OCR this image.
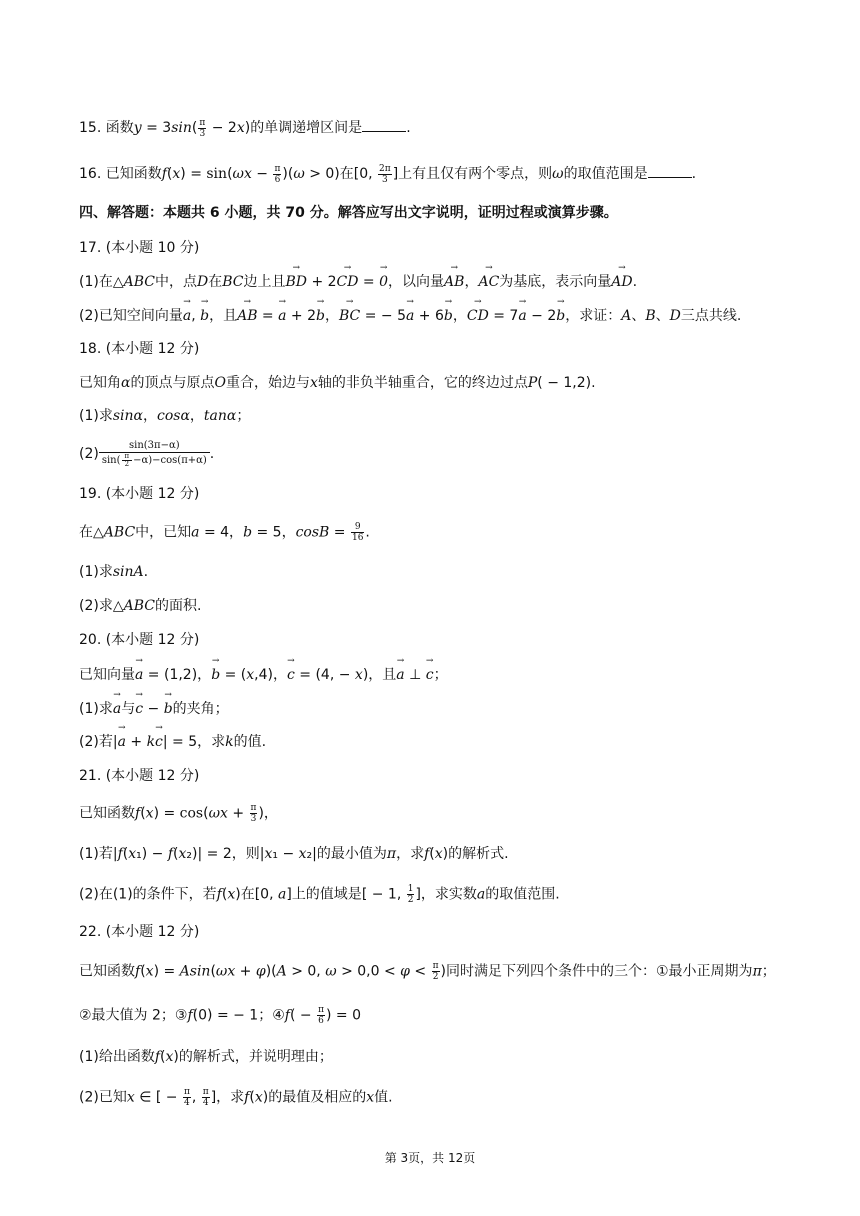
15. 函数$y = 3\sin( \frac{\pi}{3} - 2x)$的单调递增区间是	.
16. 已知函数$f(x) = \sin(\omega x - \frac{\pi}{6} )(\omega > 0)$在[0, $\frac{2\pi}{3}$ ]上有且仅有两个零点，则ω的取值范围是	.
四、解答题：本题共 6 小题，共 70 分。解答应写出文字说明，证明过程或演算步骤。
17. (本小题 10 分)
(1)在△ABC中，点D在BC边上且→ BD + 2→ CD = → 0，以向量→ AB，→ AC为基底，表示向量→ AD.
(2)已知空间向量→ a, → b，且→ AB = → a + 2→ b，→ BC = − 5→ a + 6→ b，→ CD = 7→ a − 2→ b，求证：A、B、D三点共线.
18. (本小题 12 分)
已知角α的顶点与原点O重合，始边与x轴的非负半轴重合，它的终边过点P( − 1,2).
(1)求sinα，cosα，tanα；
$(2) \frac{\sin(3\pi-\alpha)}{\sin( \frac{\pi}{2} -\alpha)-\cos(\pi+\alpha)}$ .
19. (本小题 12 分)
在△ABC中，已知a = 4，b = 5，$\cos B = \frac{9}{16}$ .
(1)求sinA.
(2)求△ABC的面积.
20. (本小题 12 分)
已知向量→ a = (1,2)，→ b = (x,4)，→ c = (4, − x)，且→ a ⊥ → c；
(1)求→ a与→ c − → b的夹角；
(2)若|→ a + k→ c| = 5，求k的值.
21. (本小题 12 分)
已知函数$f(x) = \cos(\omega x + \frac{\pi}{3}$ )，
(1)若|f(x₁) − f(x₂)| = 2，则|x₁ − x₂|的最小值为π，求f(x)的解析式.
(2)在(1)的条件下，若f(x)在[0, a]上的值域是[ − 1, $\frac{1}{2}$ ]，求实数a的取值范围.
22. (本小题 12 分)
已知函数f(x) = Asin(ωx + φ)(A > 0, $\omega > 0,0 < \varphi < \frac{\pi}{2}$ )同时满足下列四个条件中的三个：①最小正周期为π；
②最大值为 2；③f(0) = − 1；④f( − $\frac{\pi}{6}$ ) = 0
(1)给出函数f(x)的解析式，并说明理由；
(2)已知x ∈ [ − $\frac{\pi}{4}$ , $\frac{\pi}{4}$ ]，求f(x)的最值及相应的x值.
第 3页，共 12页
